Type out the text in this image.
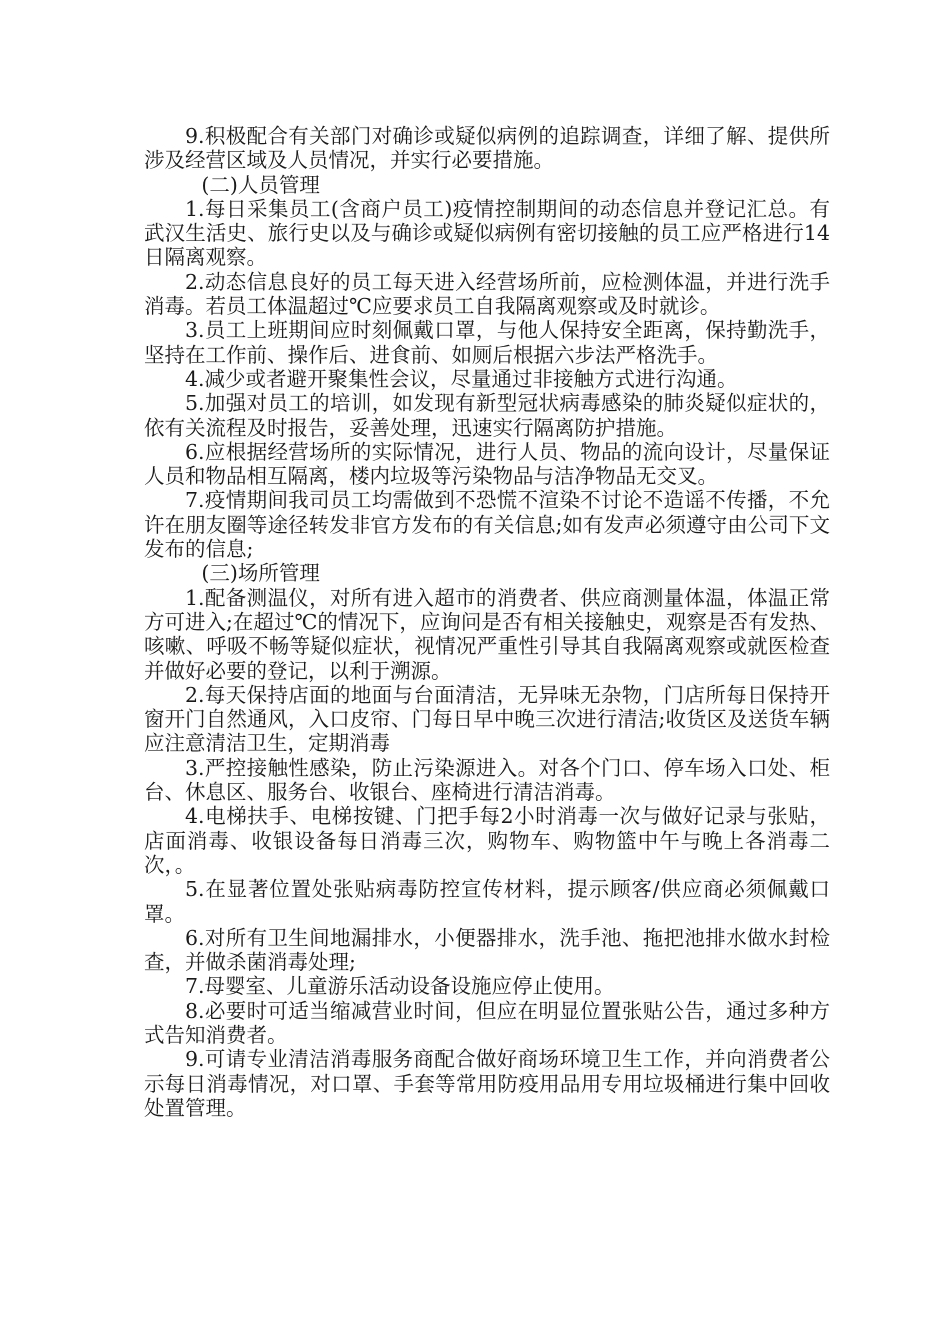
9.积极配合有关部门对确诊或疑似病例的追踪调查，详细了解、提供所涉及经营区域及人员情况，并实行必要措施。

(二)人员管理

1.每日采集员工(含商户员工)疫情控制期间的动态信息并登记汇总。有武汉生活史、旅行史以及与确诊或疑似病例有密切接触的员工应严格进行14日隔离观察。

2.动态信息良好的员工每天进入经营场所前，应检测体温，并进行洗手消毒。若员工体温超过℃应要求员工自我隔离观察或及时就诊。

3.员工上班期间应时刻佩戴口罩，与他人保持安全距离，保持勤洗手，坚持在工作前、操作后、进食前、如厕后根据六步法严格洗手。

4.减少或者避开聚集性会议，尽量通过非接触方式进行沟通。

5.加强对员工的培训，如发现有新型冠状病毒感染的肺炎疑似症状的，依有关流程及时报告，妥善处理，迅速实行隔离防护措施。

6.应根据经营场所的实际情况，进行人员、物品的流向设计，尽量保证人员和物品相互隔离，楼内垃圾等污染物品与洁净物品无交叉。

7.疫情期间我司员工均需做到不恐慌不渲染不讨论不造谣不传播，不允许在朋友圈等途径转发非官方发布的有关信息;如有发声必须遵守由公司下文发布的信息;

(三)场所管理

1.配备测温仪，对所有进入超市的消费者、供应商测量体温，体温正常方可进入;在超过℃的情况下，应询问是否有相关接触史，观察是否有发热、咳嗽、呼吸不畅等疑似症状，视情况严重性引导其自我隔离观察或就医检查并做好必要的登记，以利于溯源。

2.每天保持店面的地面与台面清洁，无异味无杂物，门店所每日保持开窗开门自然通风，入口皮帘、门每日早中晚三次进行清洁;收货区及送货车辆应注意清洁卫生，定期消毒

3.严控接触性感染，防止污染源进入。对各个门口、停车场入口处、柜台、休息区、服务台、收银台、座椅进行清洁消毒。

4.电梯扶手、电梯按键、门把手每2小时消毒一次与做好记录与张贴，店面消毒、收银设备每日消毒三次，购物车、购物篮中午与晚上各消毒二次，。

5.在显著位置处张贴病毒防控宣传材料，提示顾客/供应商必须佩戴口罩。

6.对所有卫生间地漏排水，小便器排水，洗手池、拖把池排水做水封检查，并做杀菌消毒处理;

7.母婴室、儿童游乐活动设备设施应停止使用。

8.必要时可适当缩减营业时间，但应在明显位置张贴公告，通过多种方式告知消费者。

9.可请专业清洁消毒服务商配合做好商场环境卫生工作，并向消费者公示每日消毒情况，对口罩、手套等常用防疫用品用专用垃圾桶进行集中回收处置管理。
